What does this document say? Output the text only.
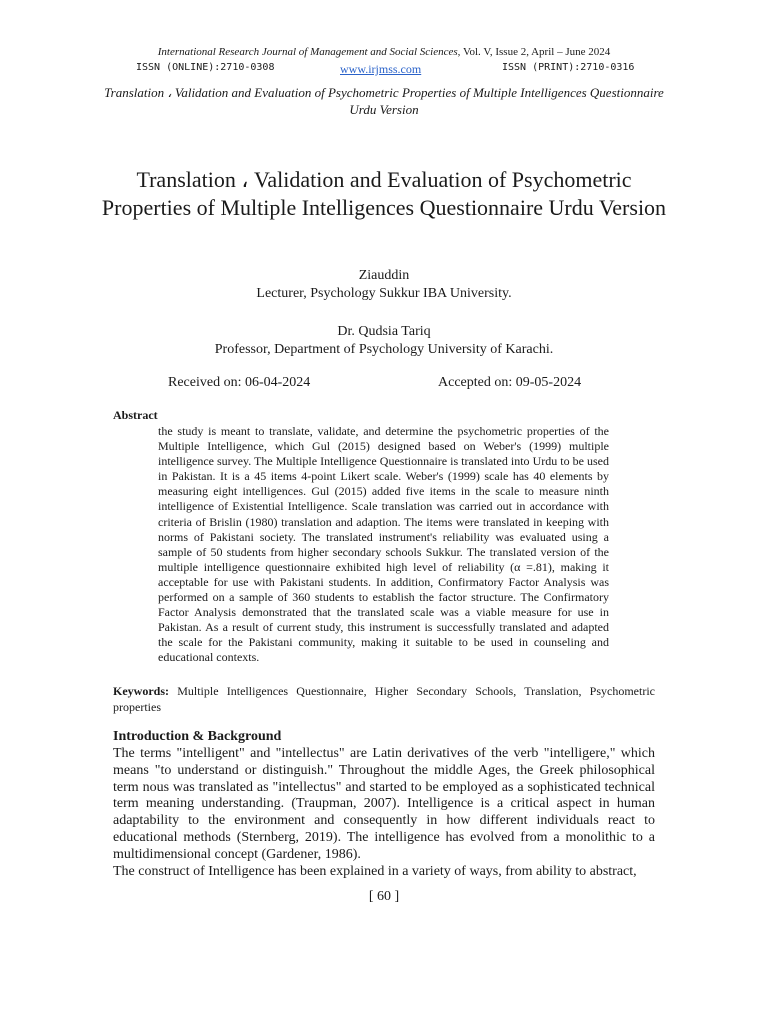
International Research Journal of Management and Social Sciences, Vol. V, Issue 2, April – June 2024
ISSN (ONLINE):2710-0308	www.irjmss.com	ISSN (PRINT):2710-0316
Translation ، Validation and Evaluation of Psychometric Properties of Multiple Intelligences Questionnaire Urdu Version
Translation ، Validation and Evaluation of Psychometric Properties of Multiple Intelligences Questionnaire Urdu Version
Ziauddin
Lecturer, Psychology Sukkur IBA University.
Dr. Qudsia Tariq
Professor, Department of Psychology University of Karachi.
Received on: 06-04-2024	Accepted on: 09-05-2024
Abstract

the study is meant to translate, validate, and determine the psychometric properties of the Multiple Intelligence, which Gul (2015) designed based on Weber's (1999) multiple intelligence survey. The Multiple Intelligence Questionnaire is translated into Urdu to be used in Pakistan. It is a 45 items 4-point Likert scale. Weber's (1999) scale has 40 elements by measuring eight intelligences. Gul (2015) added five items in the scale to measure ninth intelligence of Existential Intelligence. Scale translation was carried out in accordance with criteria of Brislin (1980) translation and adaption. The items were translated in keeping with norms of Pakistani society. The translated instrument's reliability was evaluated using a sample of 50 students from higher secondary schools Sukkur. The translated version of the multiple intelligence questionnaire exhibited high level of reliability (α =.81), making it acceptable for use with Pakistani students. In addition, Confirmatory Factor Analysis was performed on a sample of 360 students to establish the factor structure. The Confirmatory Factor Analysis demonstrated that the translated scale was a viable measure for use in Pakistan. As a result of current study, this instrument is successfully translated and adapted the scale for the Pakistani community, making it suitable to be used in counseling and educational contexts.

Keywords: Multiple Intelligences Questionnaire, Higher Secondary Schools, Translation, Psychometric properties
Introduction & Background

The terms "intelligent" and "intellectus" are Latin derivatives of the verb "intelligere," which means "to understand or distinguish." Throughout the middle Ages, the Greek philosophical term nous was translated as "intellectus" and started to be employed as a sophisticated technical term meaning understanding. (Traupman, 2007). Intelligence is a critical aspect in human adaptability to the environment and consequently in how different individuals react to educational methods (Sternberg, 2019). The intelligence has evolved from a monolithic to a multidimensional concept (Gardener, 1986).

The construct of Intelligence has been explained in a variety of ways, from ability to abstract,

[ 60 ]
